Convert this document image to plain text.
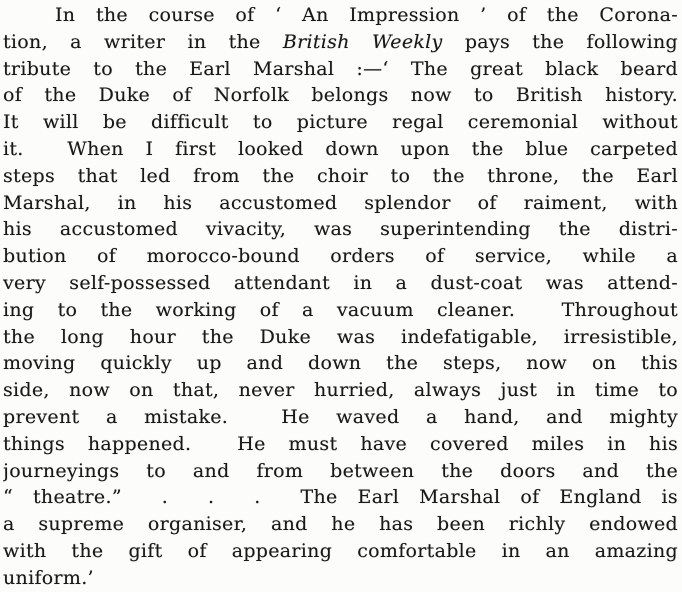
In the course of ‘ An Impression ’ of the Corona-
tion, a writer in the British Weekly pays the following
tribute to the Earl Marshal :—‘ The great black beard
of the Duke of Norfolk belongs now to British history.
It will be difficult to picture regal ceremonial without
it.  When I first looked down upon the blue carpeted
steps that led from the choir to the throne, the Earl
Marshal, in his accustomed splendor of raiment, with
his accustomed vivacity, was superintending the distri-
bution of morocco-bound orders of service, while a
very self-possessed attendant in a dust-coat was attend-
ing to the working of a vacuum cleaner.  Throughout
the long hour the Duke was indefatigable, irresistible,
moving quickly up and down the steps, now on this
side, now on that, never hurried, always just in time to
prevent a mistake.  He waved a hand, and mighty
things happened.  He must have covered miles in his
journeyings to and from between the doors and the
“ theatre.”  .  .  .  The Earl Marshal of England is
a supreme organiser, and he has been richly endowed
with the gift of appearing comfortable in an amazing
uniform.’
